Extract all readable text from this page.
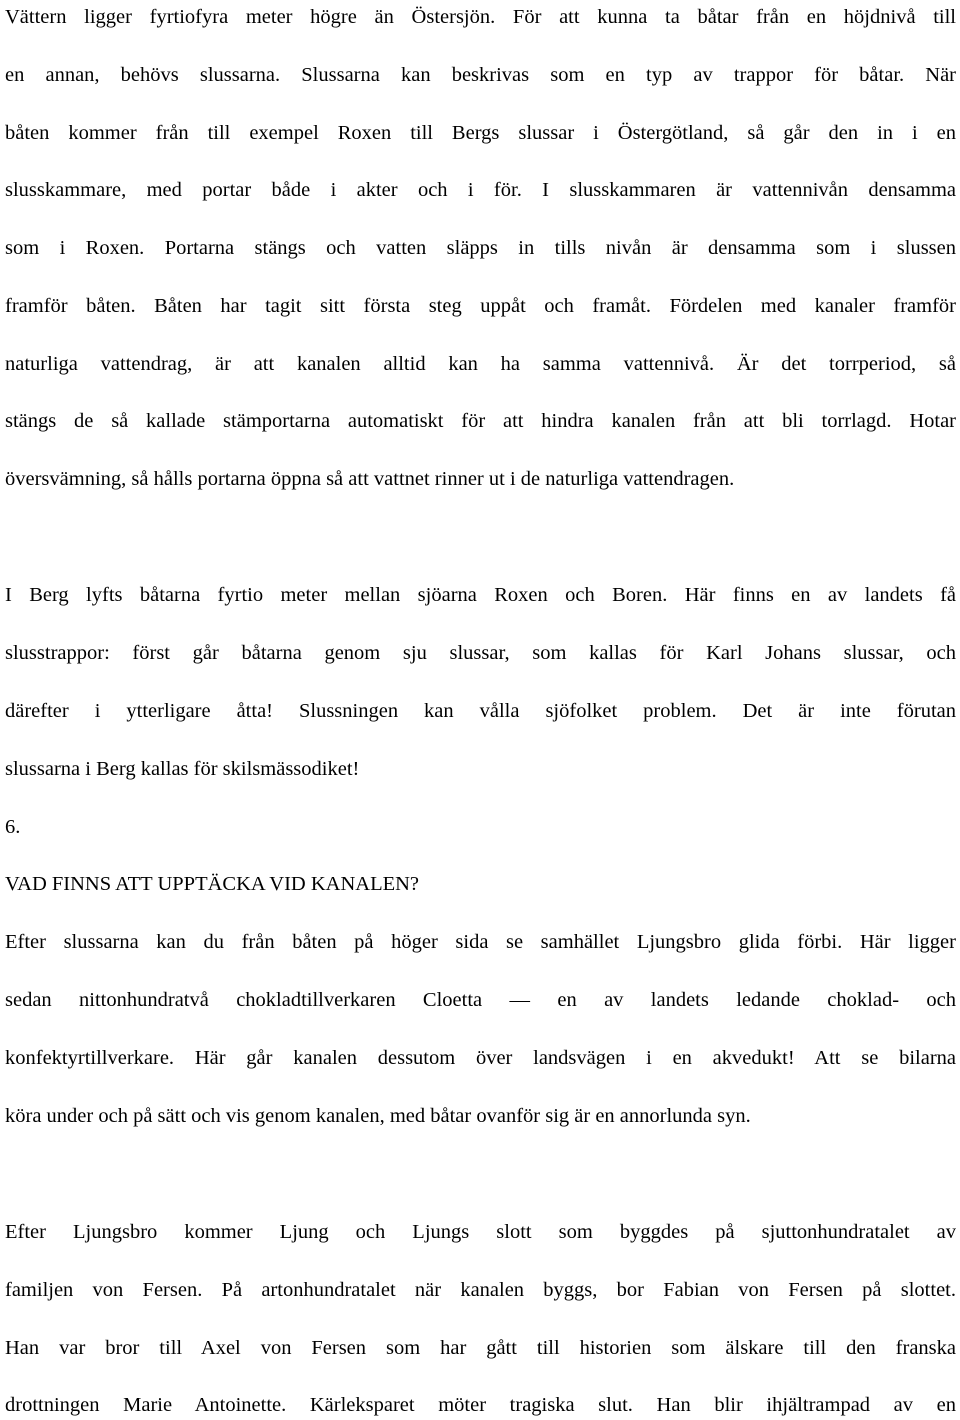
Vättern ligger fyrtiofyra meter högre än Östersjön. För att kunna ta båtar från en höjdnivå till
en annan, behövs slussarna. Slussarna kan beskrivas som en typ av trappor för båtar. När
båten kommer från till exempel Roxen till Bergs slussar i Östergötland, så går den in i en
slusskammare, med portar både i akter och i för. I slusskammaren är vattennivån densamma
som i Roxen. Portarna stängs och vatten släpps in tills nivån är densamma som i slussen
framför båten. Båten har tagit sitt första steg uppåt och framåt. Fördelen med kanaler framför
naturliga vattendrag, är att kanalen alltid kan ha samma vattennivå. Är det torrperiod, så
stängs de så kallade stämportarna automatiskt för att hindra kanalen från att bli torrlagd. Hotar
översvämning, så hålls portarna öppna så att vattnet rinner ut i de naturliga vattendragen.
I Berg lyfts båtarna fyrtio meter mellan sjöarna Roxen och Boren. Här finns en av landets få
slusstrappor: först går båtarna genom sju slussar, som kallas för Karl Johans slussar, och
därefter i ytterligare åtta! Slussningen kan vålla sjöfolket problem. Det är inte förutan
slussarna i Berg kallas för skilsmässodiket!
6.
VAD FINNS ATT UPPTÄCKA VID KANALEN?
Efter slussarna kan du från båten på höger sida se samhället Ljungsbro glida förbi. Här ligger
sedan nittonhundratvå chokladtillverkaren Cloetta — en av landets ledande choklad- och
konfektyrtillverkare. Här går kanalen dessutom över landsvägen i en akvedukt! Att se bilarna
köra under och på sätt och vis genom kanalen, med båtar ovanför sig är en annorlunda syn.
Efter Ljungsbro kommer Ljung och Ljungs slott som byggdes på sjuttonhundratalet av
familjen von Fersen. På artonhundratalet när kanalen byggs, bor Fabian von Fersen på slottet.
Han var bror till Axel von Fersen som har gått till historien som älskare till den franska
drottningen Marie Antoinette. Kärleksparet möter tragiska slut. Han blir ihjältrampad av en
